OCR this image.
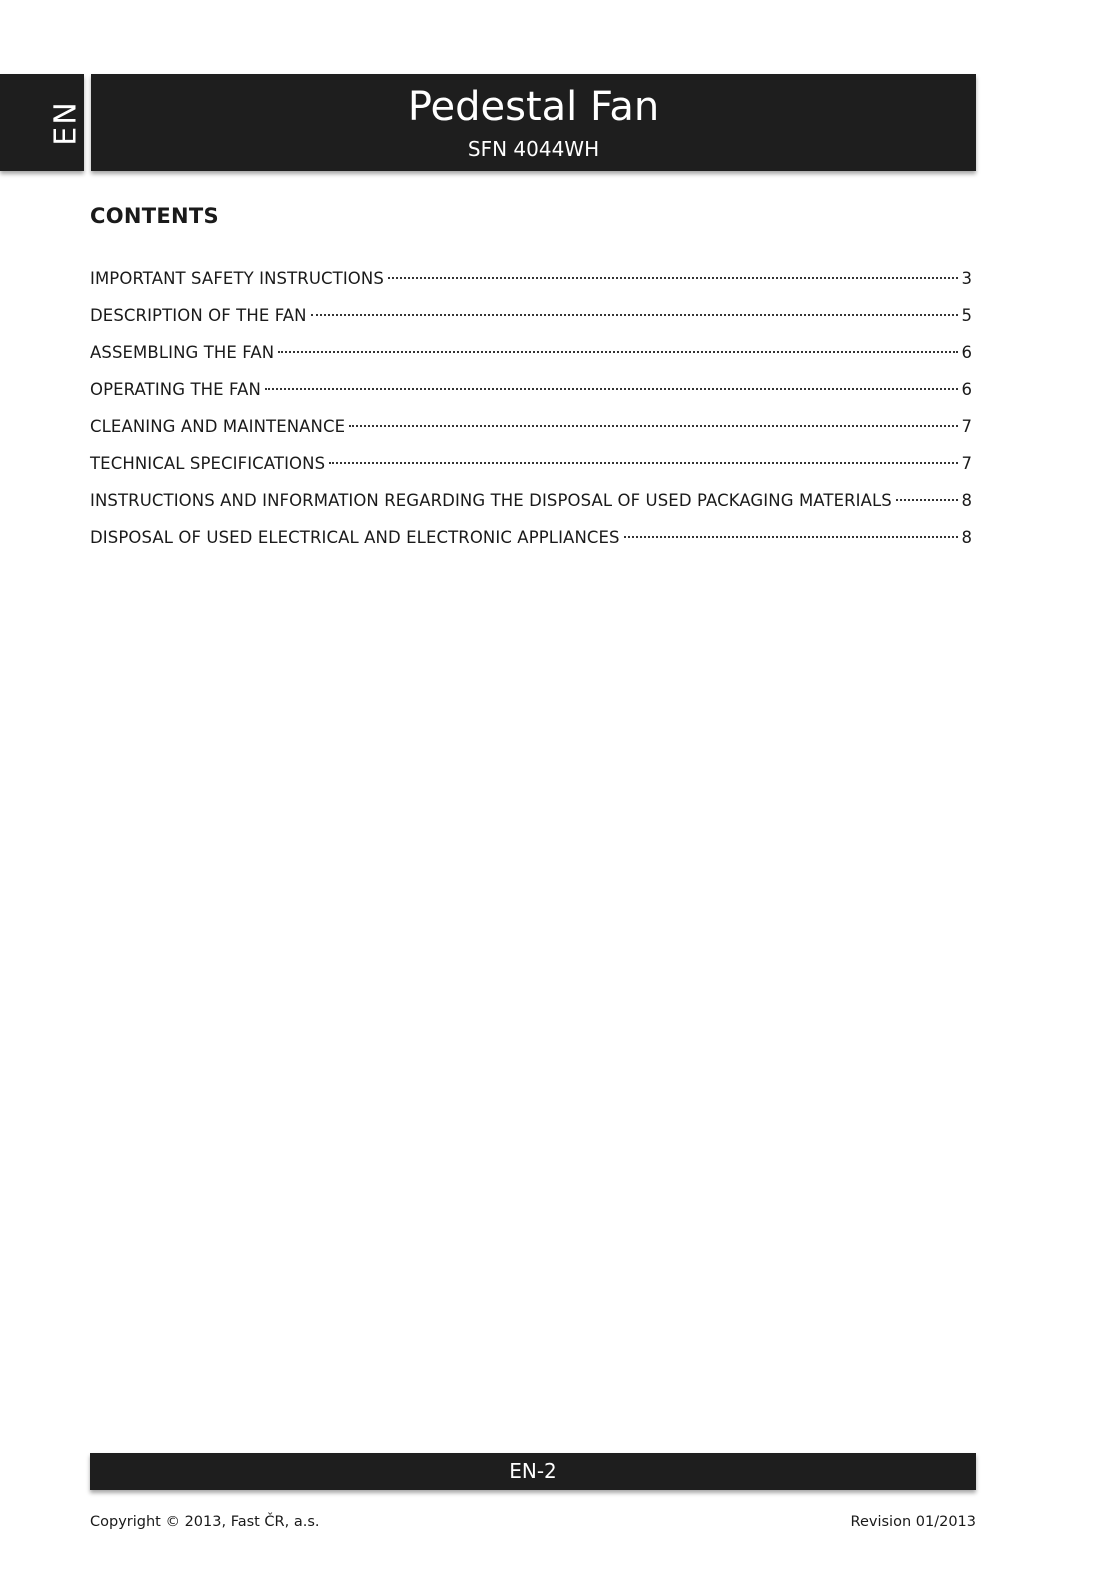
EN	Pedestal Fan
SFN 4044WH
CONTENTS
IMPORTANT SAFETY INSTRUCTIONS	3
DESCRIPTION OF THE FAN	5
ASSEMBLING THE FAN	6
OPERATING THE FAN	6
CLEANING AND MAINTENANCE	7
TECHNICAL SPECIFICATIONS	7
INSTRUCTIONS AND INFORMATION REGARDING THE DISPOSAL OF USED PACKAGING MATERIALS	8
DISPOSAL OF USED ELECTRICAL AND ELECTRONIC APPLIANCES	8
EN-2
Copyright © 2013, Fast ČR, a.s.	Revision 01/2013
